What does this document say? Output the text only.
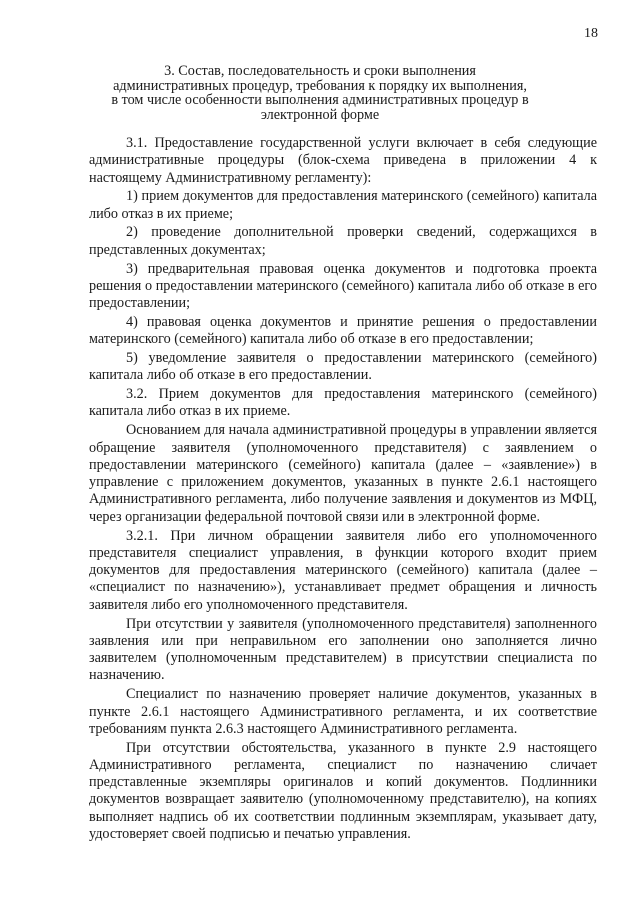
18
3. Состав, последовательность и сроки выполнения административных процедур, требования к порядку их выполнения, в том числе особенности выполнения административных процедур в электронной форме

3.1. Предоставление государственной услуги включает в себя следующие административные процедуры (блок-схема приведена в приложении 4 к настоящему Административному регламенту):

1) прием документов для предоставления материнского (семейного) капитала либо отказ в их приеме;

2) проведение дополнительной проверки сведений, содержащихся в представленных документах;

3) предварительная правовая оценка документов и подготовка проекта решения о предоставлении материнского (семейного) капитала либо об отказе в его предоставлении;

4) правовая оценка документов и принятие решения о предоставлении материнского (семейного) капитала либо об отказе в его предоставлении;

5) уведомление заявителя о предоставлении материнского (семейного) капитала либо об отказе в его предоставлении.

3.2. Прием документов для предоставления материнского (семейного) капитала либо отказ в их приеме.

Основанием для начала административной процедуры в управлении является обращение заявителя (уполномоченного представителя) с заявлением о предоставлении материнского (семейного) капитала (далее – «заявление») в управление с приложением документов, указанных в пункте 2.6.1 настоящего Административного регламента, либо получение заявления и документов из МФЦ, через организации федеральной почтовой связи или в электронной форме.

3.2.1. При личном обращении заявителя либо его уполномоченного представителя специалист управления, в функции которого входит прием документов для предоставления материнского (семейного) капитала (далее – «специалист по назначению»), устанавливает предмет обращения и личность заявителя либо его уполномоченного представителя.

При отсутствии у заявителя (уполномоченного представителя) заполненного заявления или при неправильном его заполнении оно заполняется лично заявителем (уполномоченным представителем) в присутствии специалиста по назначению.

Специалист по назначению проверяет наличие документов, указанных в пункте 2.6.1 настоящего Административного регламента, и их соответствие требованиям пункта 2.6.3 настоящего Административного регламента.

При отсутствии обстоятельства, указанного в пункте 2.9 настоящего Административного регламента, специалист по назначению сличает представленные экземпляры оригиналов и копий документов. Подлинники документов возвращает заявителю (уполномоченному представителю), на копиях выполняет надпись об их соответствии подлинным экземплярам, указывает дату, удостоверяет своей подписью и печатью управления.
